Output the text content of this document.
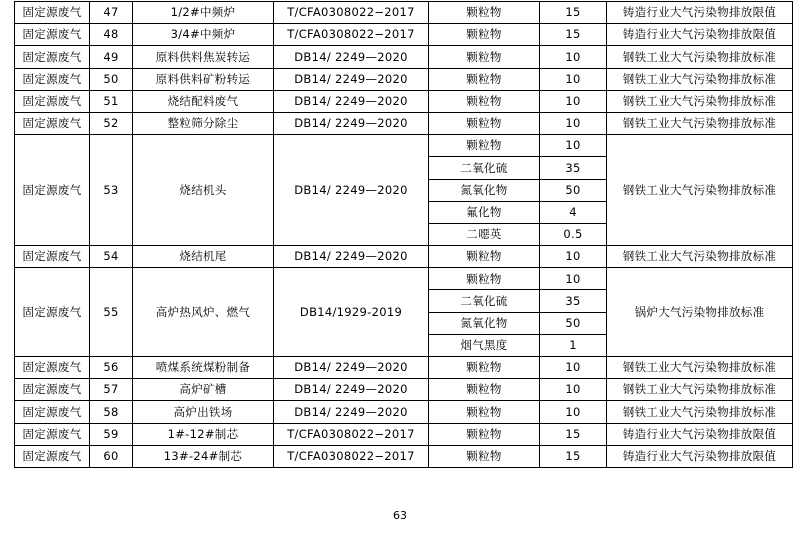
固定源废气	47	1/2#中频炉	T/CFA0308022−2017	颗粒物	15	铸造行业大气污染物排放限值
固定源废气	48	3/4#中频炉	T/CFA0308022−2017	颗粒物	15	铸造行业大气污染物排放限值
固定源废气	49	原料供料焦炭转运	DB14/ 2249—2020	颗粒物	10	钢铁工业大气污染物排放标准
固定源废气	50	原料供料矿粉转运	DB14/ 2249—2020	颗粒物	10	钢铁工业大气污染物排放标准
固定源废气	51	烧结配料废气	DB14/ 2249—2020	颗粒物	10	钢铁工业大气污染物排放标准
固定源废气	52	整粒筛分除尘	DB14/ 2249—2020	颗粒物	10	钢铁工业大气污染物排放标准
固定源废气	53	烧结机头	DB14/ 2249—2020	颗粒物	10	钢铁工业大气污染物排放标准
				二氧化硫	35	
				氮氧化物	50	
				氟化物	4	
				二噁英	0.5	
固定源废气	54	烧结机尾	DB14/ 2249—2020	颗粒物	10	钢铁工业大气污染物排放标准
固定源废气	55	高炉热风炉、燃气	DB14/1929-2019	颗粒物	10	锅炉大气污染物排放标准
				二氧化硫	35	
				氮氧化物	50	
				烟气黑度	1	
固定源废气	56	喷煤系统煤粉制备	DB14/ 2249—2020	颗粒物	10	钢铁工业大气污染物排放标准
固定源废气	57	高炉矿槽	DB14/ 2249—2020	颗粒物	10	钢铁工业大气污染物排放标准
固定源废气	58	高炉出铁场	DB14/ 2249—2020	颗粒物	10	钢铁工业大气污染物排放标准
固定源废气	59	1#-12#制芯	T/CFA0308022−2017	颗粒物	15	铸造行业大气污染物排放限值
固定源废气	60	13#-24#制芯	T/CFA0308022−2017	颗粒物	15	铸造行业大气污染物排放限值
63
